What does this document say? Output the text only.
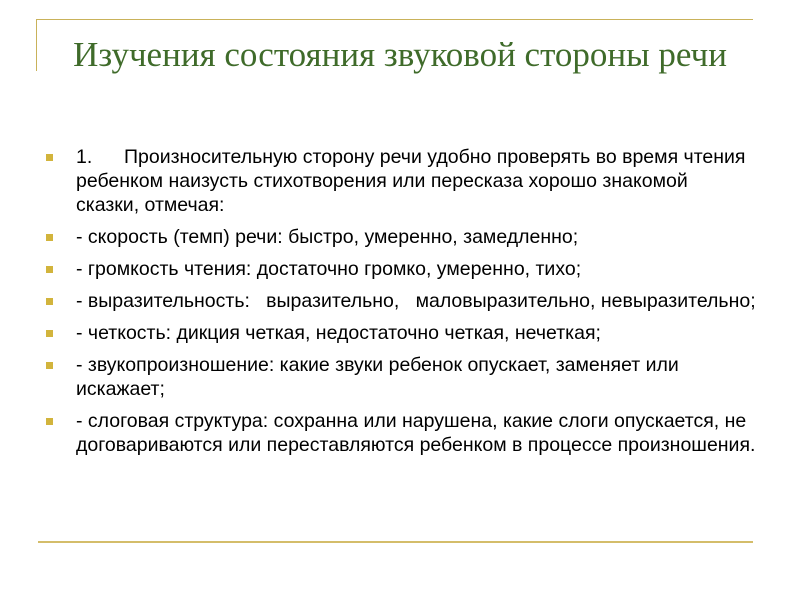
Изучения состояния звуковой стороны речи
1. Произносительную сторону речи удобно проверять во время чтения ребенком наизусть стихотворения или пересказа хорошо знакомой сказки, отмечая:
- скорость (темп) речи: быстро, умеренно, замедленно;
- громкость чтения: достаточно громко, умеренно, тихо;
- выразительность:   выразительно,   маловыразительно, невыразительно;
- четкость: дикция четкая, недостаточно четкая, нечеткая;
- звукопроизношение: какие звуки ребенок опускает, заменяет или искажает;
- слоговая структура: сохранна или нарушена, какие слоги опускается, не договариваются или переставляются ребенком в процессе произношения.
